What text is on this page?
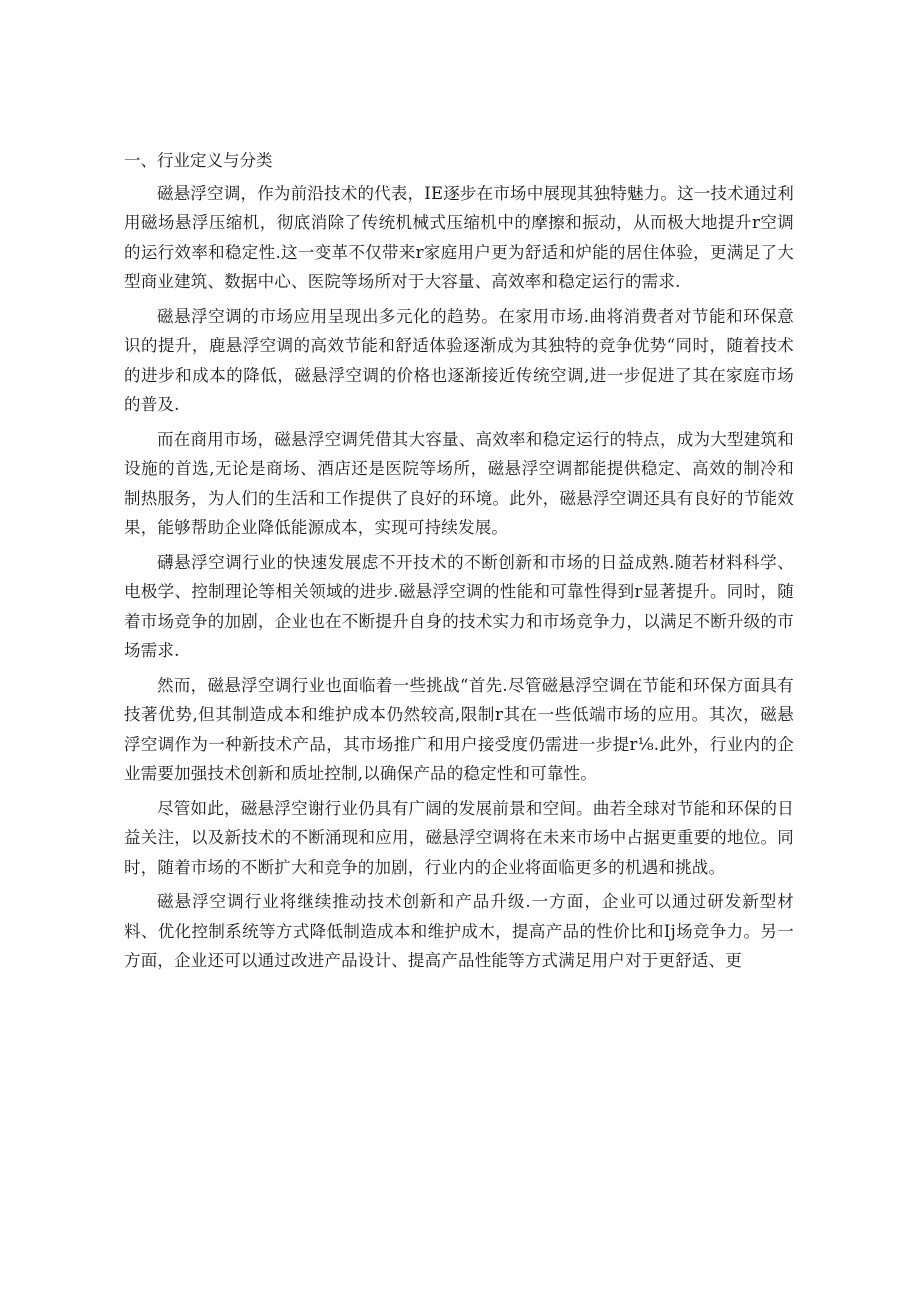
一、行业定义与分类

磁悬浮空调，作为前沿技术的代表，IE逐步在市场中展现其独特魅力。这一技术通过利用磁场悬浮压缩机，彻底消除了传统机械式压缩机中的摩擦和振动，从而极大地提升r空调的运行效率和稳定性.这一变革不仅带来r家庭用户更为舒适和炉能的居住体验，更满足了大型商业建筑、数据中心、医院等场所对于大容量、高效率和稳定运行的需求.

磁悬浮空调的市场应用呈现出多元化的趋势。在家用市场.曲将消费者对节能和环保意识的提升，鹿悬浮空调的高效节能和舒适体验逐渐成为其独特的竞争优势“同时，随着技术的进步和成本的降低，磁悬浮空调的价格也逐渐接近传统空调,进一步促进了其在家庭市场的普及.

而在商用市场，磁悬浮空调凭借其大容量、高效率和稳定运行的特点，成为大型建筑和设施的首选,无论是商场、酒店还是医院等场所，磁悬浮空调都能提供稳定、高效的制冷和制热服务，为人们的生活和工作提供了良好的环境。此外，磁悬浮空调还具有良好的节能效果，能够帮助企业降低能源成本，实现可持续发展。

礴悬浮空调行业的快速发展虑不开技术的不断创新和市场的日益成熟.随若材料科学、电极学、控制理论等相关领域的进步.磁悬浮空调的性能和可靠性得到r显著提升。同时，随着市场竞争的加剧，企业也在不断提升自身的技术实力和市场竞争力，以满足不断升级的市场需求.

然而，磁悬浮空调行业也面临着一些挑战“首先.尽管磁悬浮空调在节能和环保方面具有技著优势,但其制造成本和维护成本仍然较高,限制r其在一些低端市场的应用。其次，磁悬浮空调作为一种新技术产品，其市场推广和用户接受度仍需进一步提r⅛.此外，行业内的企业需要加强技术创新和质址控制,以确保产品的稳定性和可靠性。

尽管如此，磁悬浮空谢行业仍具有广阔的发展前景和空间。曲若全球对节能和环保的日益关注，以及新技术的不断涌现和应用，磁悬浮空调将在未来市场中占据更重要的地位。同时，随着市场的不断扩大和竞争的加剧，行业内的企业将面临更多的机遇和挑战。

磁悬浮空调行业将继续推动技术创新和产品升级.一方面，企业可以通过研发新型材料、优化控制系统等方式降低制造成本和维护成木，提高产品的性价比和Ij场竞争力。另一方面，企业还可以通过改进产品设计、提高产品性能等方式满足用户对于更舒适、更
